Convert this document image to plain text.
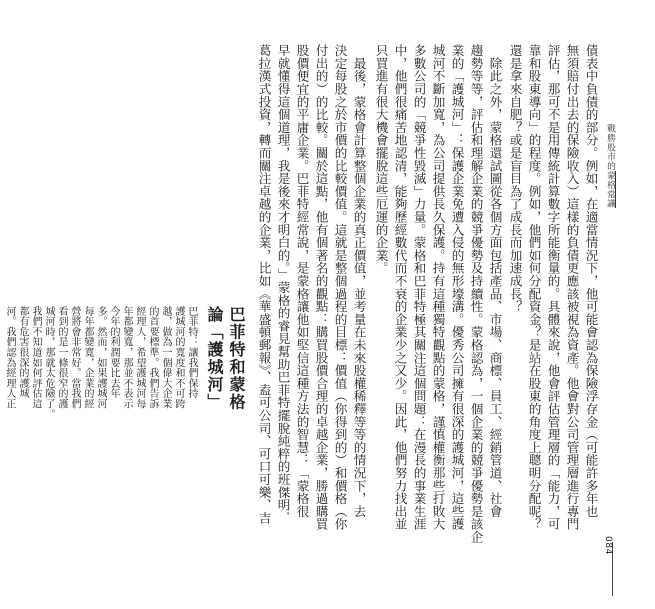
戰勝股市的蒙格常識
債表中負債的部分。例如，在適當情況下，他可能會認為保險浮存金（可能許多年也
無須賠付出去的保險收入）這樣的負債更應該被視為資產。他會對公司管理層進行專門
評估，那可不是用傳統計算數字所能衡量的。具體來說，他會評估管理層的「能力，可
靠和股東導向」的程度。例如，他們如何分配資金？是站在股東的角度上聰明分配呢？
還是拿來自肥？或是盲目為了成長而加速成長？
　除此之外，蒙格還試圖從各個方面包括產品、市場、商標、員工、經銷管道、社會
趨勢等等，評估和理解企業的競爭優勢及持續性。蒙格認為，一個企業的競爭優勢是該企
業的「護城河」：保護企業免遭入侵的無形壕溝。優秀公司擁有很深的護城河，這些護
城河不斷加寬，為公司提供長久保護。持有這種獨特觀點的蒙格，謹慎權衡那些打敗大
多數公司的「競爭性毀滅」力量。蒙格和巴菲特極其關注這個問題：在漫長的事業生涯
中，他們很痛苦地認清，能夠歷經數代而不衰的企業少之又少。因此，他們努力找出並
只買進有很大機會擺脫這些厄運的企業。
　最後，蒙格會計算整個企業的真正價值，並考量在未來股權稀釋等等的情況下，去
決定每股之於市價的比較價值。這就是整個過程的目標：價值（你得到的）和價格（你
付出的）的比較。關於這點，他有個著名的觀點：購買股價合理的卓越企業，勝過購買
股價便宜的平庸企業。巴菲特經常說，是蒙格讓他如堅信這種方法的智慧：「蒙格很
早就懂得這個道理，我是後來才明白的。」蒙格的睿見幫助巴菲特擺脫純粹的班傑明．
葛拉漢式投資，轉而關注卓越的企業，比如《華盛頓郵報》、盍可公司、可口可樂、吉
巴菲特和蒙格
論「護城河」
巴菲特：讓我們保持
護城河的寬度和不可跨
越，做為一個偉大企業
的首要標準。我們告訴
經理人，希望護城河每
年都變寬，那並不表示
今年的利潤要比去年
多。然而，如果護城河
每年都變寬，企業的經
營將會非常好。當我們
看到的是一條很窄的護
城河時，那就太危險了。
我們不知道如何評估這
都有危害很深的護城
河。我們認為經理人正
084
